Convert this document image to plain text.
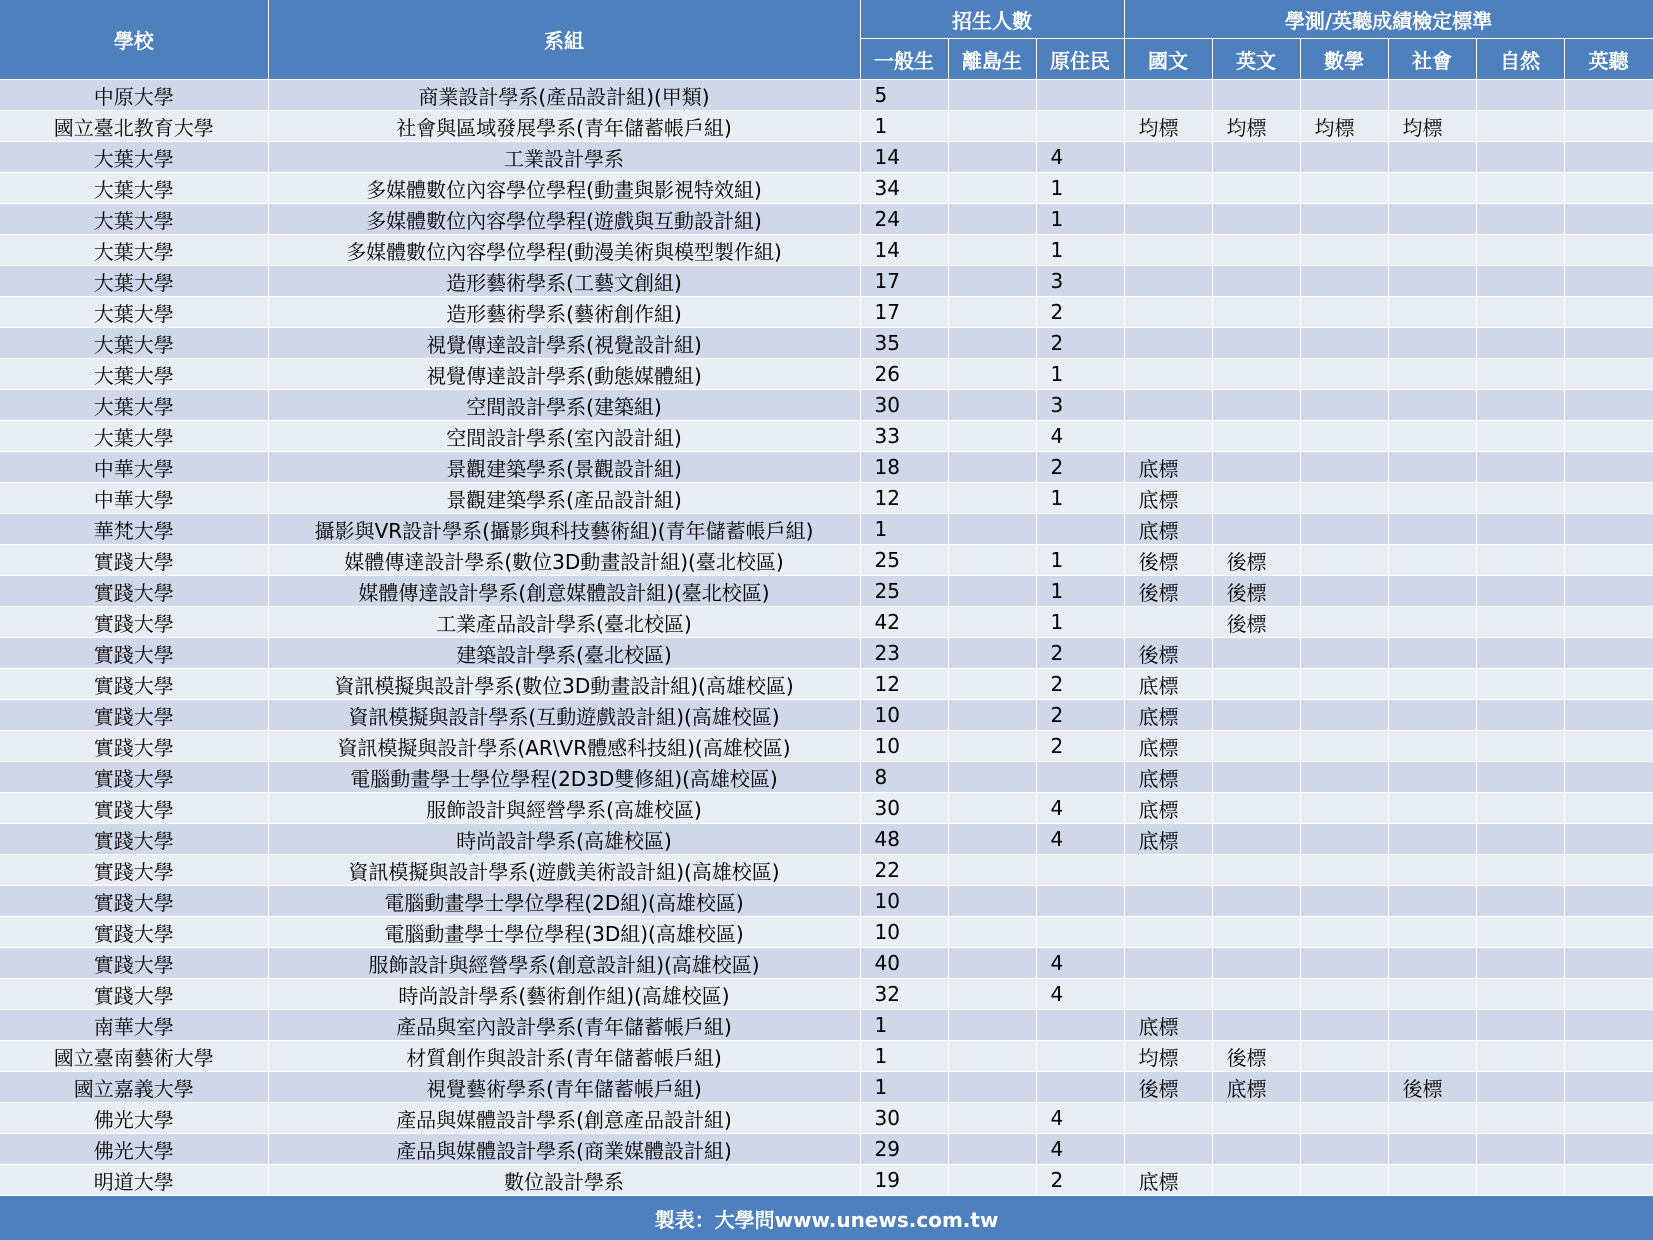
學校	系組	招生人數			學測/英聽成績檢定標準					
		一般生	離島生	原住民	國文	英文	數學	社會	自然	英聽
中原大學	商業設計學系(產品設計組)(甲類)	5								
國立臺北教育大學	社會與區域發展學系(青年儲蓄帳戶組)	1			均標	均標	均標	均標		
大葉大學	工業設計學系	14		4						
大葉大學	多媒體數位內容學位學程(動畫與影視特效組)	34		1						
大葉大學	多媒體數位內容學位學程(遊戲與互動設計組)	24		1						
大葉大學	多媒體數位內容學位學程(動漫美術與模型製作組)	14		1						
大葉大學	造形藝術學系(工藝文創組)	17		3						
大葉大學	造形藝術學系(藝術創作組)	17		2						
大葉大學	視覺傳達設計學系(視覺設計組)	35		2						
大葉大學	視覺傳達設計學系(動態媒體組)	26		1						
大葉大學	空間設計學系(建築組)	30		3						
大葉大學	空間設計學系(室內設計組)	33		4						
中華大學	景觀建築學系(景觀設計組)	18		2	底標					
中華大學	景觀建築學系(產品設計組)	12		1	底標					
華梵大學	攝影與VR設計學系(攝影與科技藝術組)(青年儲蓄帳戶組)	1			底標					
實踐大學	媒體傳達設計學系(數位3D動畫設計組)(臺北校區)	25		1	後標	後標				
實踐大學	媒體傳達設計學系(創意媒體設計組)(臺北校區)	25		1	後標	後標				
實踐大學	工業產品設計學系(臺北校區)	42		1		後標				
實踐大學	建築設計學系(臺北校區)	23		2	後標					
實踐大學	資訊模擬與設計學系(數位3D動畫設計組)(高雄校區)	12		2	底標					
實踐大學	資訊模擬與設計學系(互動遊戲設計組)(高雄校區)	10		2	底標					
實踐大學	資訊模擬與設計學系(AR\VR體感科技組)(高雄校區)	10		2	底標					
實踐大學	電腦動畫學士學位學程(2D3D雙修組)(高雄校區)	8			底標					
實踐大學	服飾設計與經營學系(高雄校區)	30		4	底標					
實踐大學	時尚設計學系(高雄校區)	48		4	底標					
實踐大學	資訊模擬與設計學系(遊戲美術設計組)(高雄校區)	22								
實踐大學	電腦動畫學士學位學程(2D組)(高雄校區)	10								
實踐大學	電腦動畫學士學位學程(3D組)(高雄校區)	10								
實踐大學	服飾設計與經營學系(創意設計組)(高雄校區)	40		4						
實踐大學	時尚設計學系(藝術創作組)(高雄校區)	32		4						
南華大學	產品與室內設計學系(青年儲蓄帳戶組)	1			底標					
國立臺南藝術大學	材質創作與設計系(青年儲蓄帳戶組)	1			均標	後標				
國立嘉義大學	視覺藝術學系(青年儲蓄帳戶組)	1			後標	底標		後標		
佛光大學	產品與媒體設計學系(創意產品設計組)	30		4						
佛光大學	產品與媒體設計學系(商業媒體設計組)	29		4						
明道大學	數位設計學系	19		2	底標					
製表：大學問www.unews.com.tw										
